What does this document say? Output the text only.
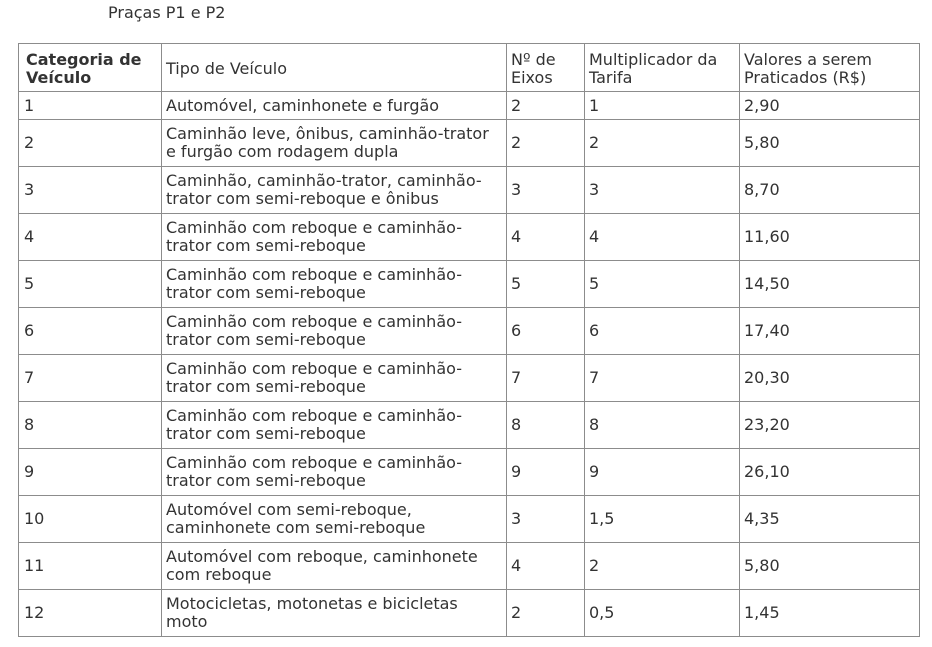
Praças P1 e P2
Categoria de Veículo	Tipo de Veículo	Nº de Eixos	Multiplicador da Tarifa	Valores a serem Praticados (R$)
1	Automóvel, caminhonete e furgão	2	1	2,90
2	Caminhão leve, ônibus, caminhão-trator e furgão com rodagem dupla	2	2	5,80
3	Caminhão, caminhão-trator, caminhão-trator com semi-reboque e ônibus	3	3	8,70
4	Caminhão com reboque e caminhão-trator com semi-reboque	4	4	11,60
5	Caminhão com reboque e caminhão-trator com semi-reboque	5	5	14,50
6	Caminhão com reboque e caminhão-trator com semi-reboque	6	6	17,40
7	Caminhão com reboque e caminhão-trator com semi-reboque	7	7	20,30
8	Caminhão com reboque e caminhão-trator com semi-reboque	8	8	23,20
9	Caminhão com reboque e caminhão-trator com semi-reboque	9	9	26,10
10	Automóvel com semi-reboque, caminhonete com semi-reboque	3	1,5	4,35
11	Automóvel com reboque, caminhonete com reboque	4	2	5,80
12	Motocicletas, motonetas e bicicletas moto	2	0,5	1,45
